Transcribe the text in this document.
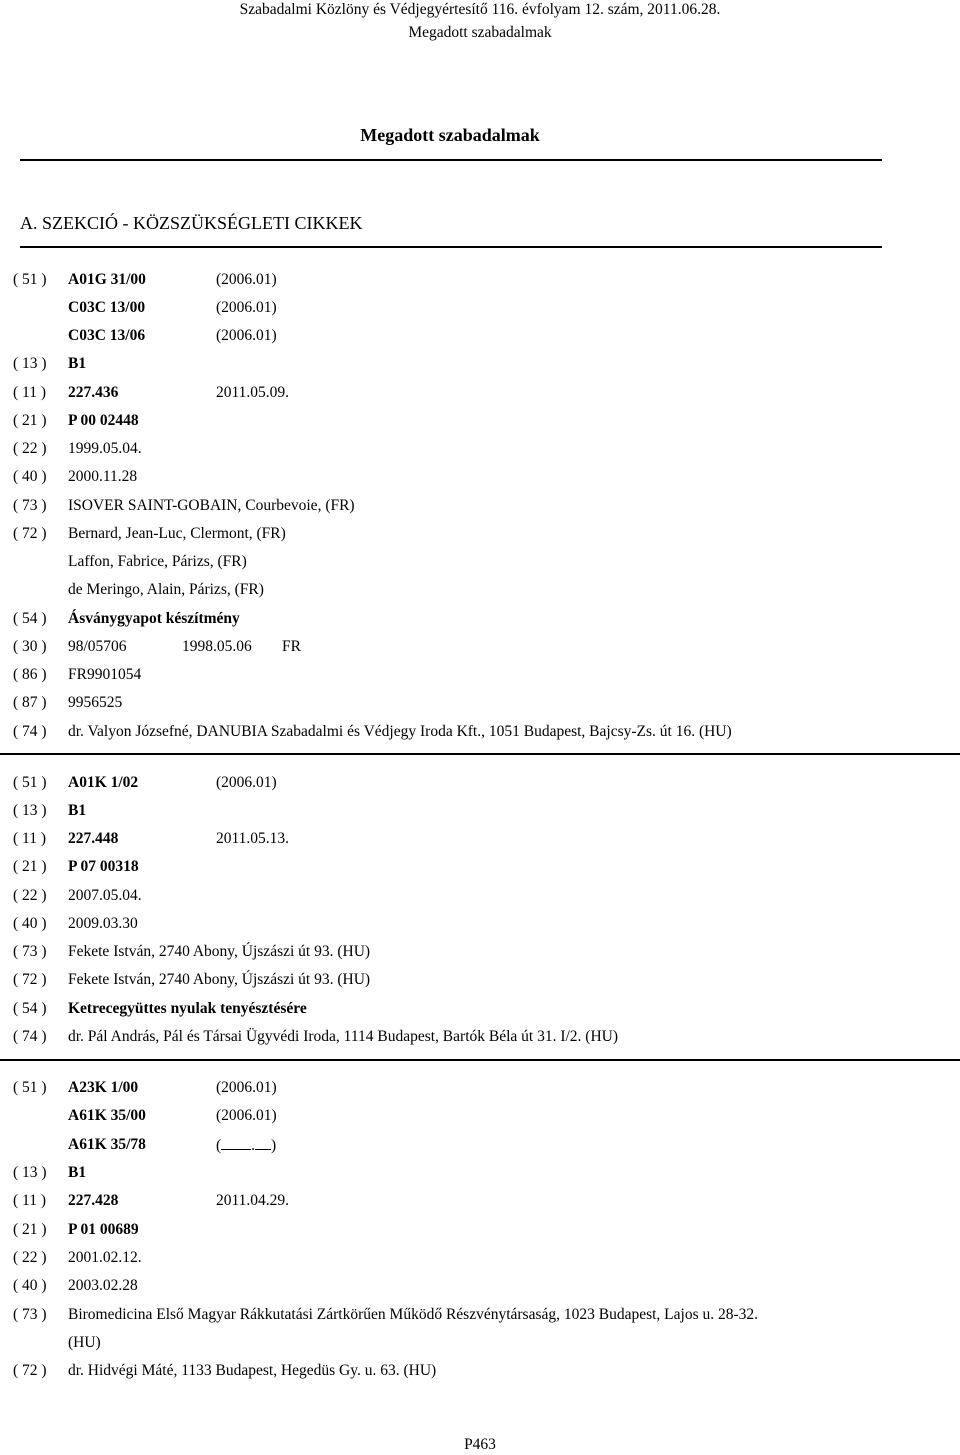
Szabadalmi Közlöny és Védjegyértesítő 116. évfolyam 12. szám, 2011.06.28.
Megadott szabadalmak
Megadott szabadalmak
A. SZEKCIÓ - KÖZSZÜKSÉGLETI CIKKEK
( 51 ) A01G 31/00	(2006.01)
C03C 13/00	(2006.01)
C03C 13/06	(2006.01)
( 13 ) B1
( 11 ) 227.436	2011.05.09.
( 21 ) P 00 02448
( 22 ) 1999.05.04.
( 40 ) 2000.11.28
( 73 ) ISOVER SAINT-GOBAIN, Courbevoie, (FR)
( 72 ) Bernard, Jean-Luc, Clermont, (FR)
Laffon, Fabrice, Párizs, (FR)
de Meringo, Alain, Párizs, (FR)
( 54 ) Ásványgyapot készítmény
( 30 ) 98/05706	1998.05.06 FR
( 86 ) FR9901054
( 87 ) 9956525
( 74 ) dr. Valyon Józsefné, DANUBIA Szabadalmi és Védjegy Iroda Kft., 1051 Budapest, Bajcsy-Zs. út 16. (HU)
( 51 ) A01K 1/02	(2006.01)
( 13 ) B1
( 11 ) 227.448	2011.05.13.
( 21 ) P 07 00318
( 22 ) 2007.05.04.
( 40 ) 2009.03.30
( 73 ) Fekete István, 2740 Abony, Újszászi út 93. (HU)
( 72 ) Fekete István, 2740 Abony, Újszászi út 93. (HU)
( 54 ) Ketrecegyüttes nyulak tenyésztésére
( 74 ) dr. Pál András, Pál és Társai Ügyvédi Iroda, 1114 Budapest, Bartók Béla út 31. I/2. (HU)
( 51 ) A23K 1/00	(2006.01)
A61K 35/00	(2006.01)
A61K 35/78	( . )
( 13 ) B1
( 11 ) 227.428	2011.04.29.
( 21 ) P 01 00689
( 22 ) 2001.02.12.
( 40 ) 2003.02.28
( 73 ) Biromedicina Első Magyar Rákkutatási Zártkörűen Működő Részvénytársaság, 1023 Budapest, Lajos u. 28-32.
(HU)
( 72 ) dr. Hidvégi Máté, 1133 Budapest, Hegedüs Gy. u. 63. (HU)
P463
